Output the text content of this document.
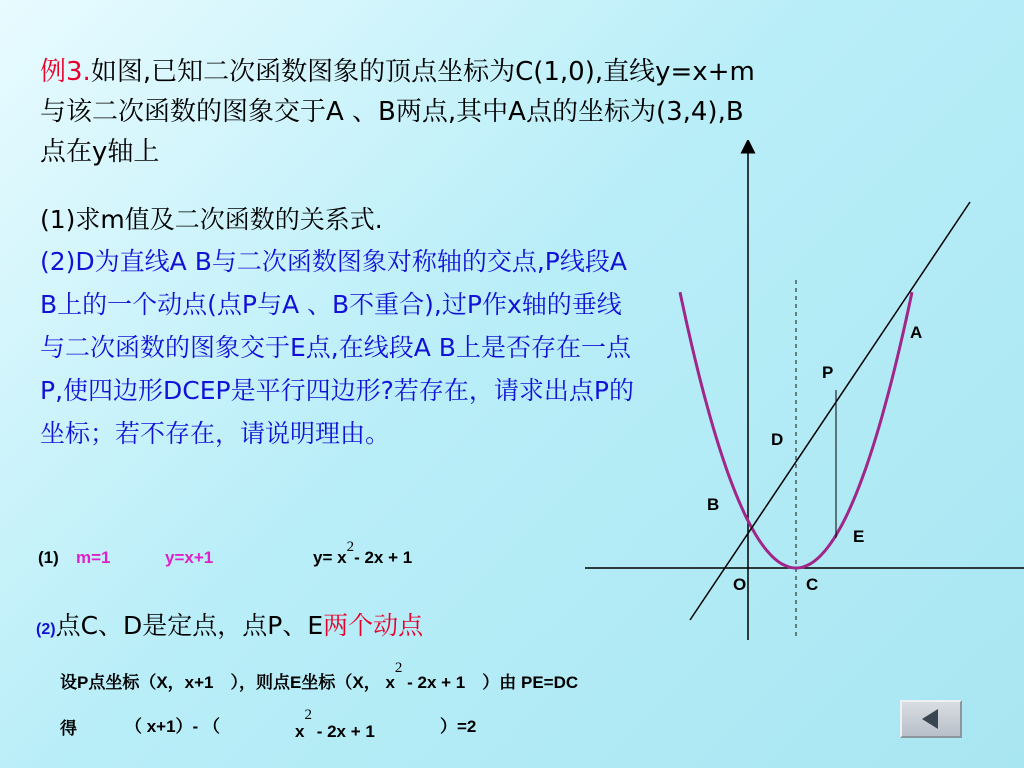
例3.如图,已知二次函数图象的顶点坐标为C(1,0),直线y=x+m
与该二次函数的图象交于A 、B两点,其中A点的坐标为(3,4),B
点在y轴上
(1)求m值及二次函数的关系式.
(2)D为直线A B与二次函数图象对称轴的交点,P线段A B上的一个动点(点P与A 、B不重合),过P作x轴的垂线与二次函数的图象交于E点,在线段A B上是否存在一点P,使四边形DCEP是平行四边形?若存在，请求出点P的坐标；若不存在，请说明理由。
A
P
D
B
E
O	C
(1) m=1	y=x+1	y= x2- 2x + 1
(2)点C、D是定点，点P、E两个动点
设P点坐标（X，x+1　），则点E坐标（X， x2 - 2x + 1　）由 PE=DC
得	（ x+1）- （	x2 - 2x + 1	）=2
